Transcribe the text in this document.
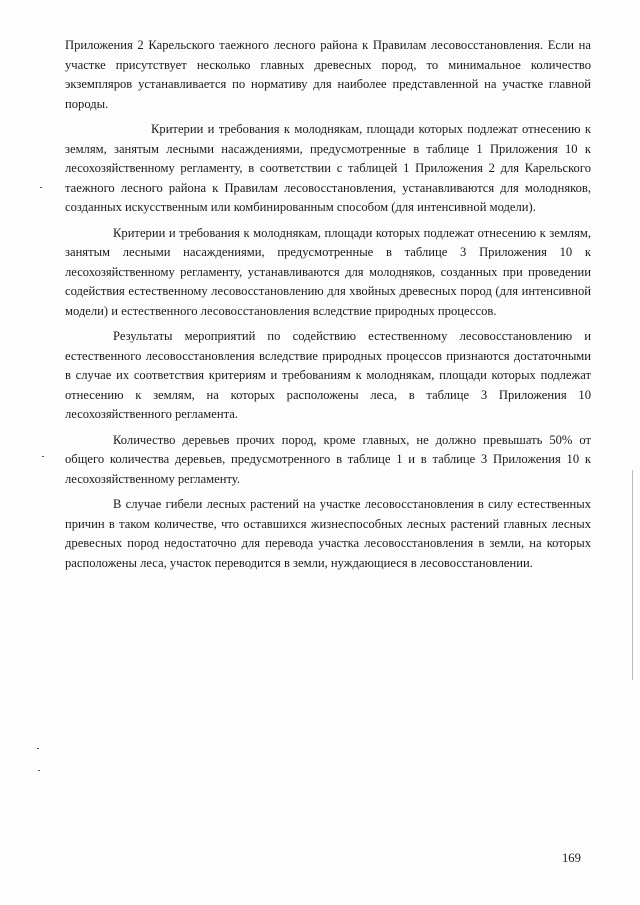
Приложения 2 Карельского таежного лесного района к Правилам лесовосстановления. Если на участке присутствует несколько главных древесных пород, то минимальное количество экземпляров устанавливается по нормативу для наиболее представленной на участке главной породы.

Критерии и требования к молоднякам, площади которых подлежат отнесению к землям, занятым лесными насаждениями, предусмотренные в таблице 1 Приложения 10 к лесохозяйственному регламенту, в соответствии с таблицей 1 Приложения 2 для Карельского таежного лесного района к Правилам лесовосстановления, устанавливаются для молодняков, созданных искусственным или комбинированным способом (для интенсивной модели).

Критерии и требования к молоднякам, площади которых подлежат отнесению к землям, занятым лесными насаждениями, предусмотренные в таблице 3 Приложения 10 к лесохозяйственному регламенту, устанавливаются для молодняков, созданных при проведении содействия естественному лесовосстановлению для хвойных древесных пород (для интенсивной модели) и естественного лесовосстановления вследствие природных процессов.

Результаты мероприятий по содействию естественному лесовосстановлению и естественного лесовосстановления вследствие природных процессов признаются достаточными в случае их соответствия критериям и требованиям к молоднякам, площади которых подлежат отнесению к землям, на которых расположены леса, в таблице 3 Приложения 10 лесохозяйственного регламента.

Количество деревьев прочих пород, кроме главных, не должно превышать 50% от общего количества деревьев, предусмотренного в таблице 1 и в таблице 3 Приложения 10 к лесохозяйственному регламенту.

В случае гибели лесных растений на участке лесовосстановления в силу естественных причин в таком количестве, что оставшихся жизнеспособных лесных растений главных лесных древесных пород недостаточно для перевода участка лесовосстановления в земли, на которых расположены леса, участок переводится в земли, нуждающиеся в лесовосстановлении.

169
